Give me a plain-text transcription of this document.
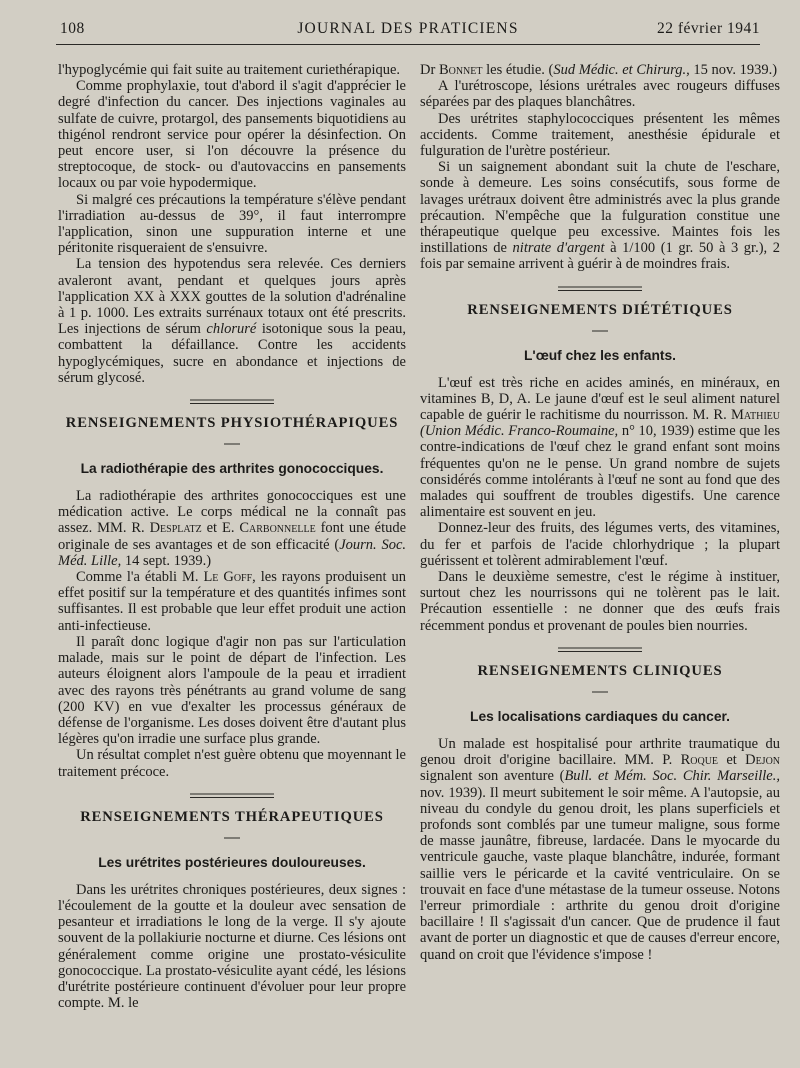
108	JOURNAL DES PRATICIENS	22 février 1941

l'hypoglycémie qui fait suite au traitement curiethérapique.

Comme prophylaxie, tout d'abord il s'agit d'apprécier le degré d'infection du cancer. Des injections vaginales au sulfate de cuivre, protargol, des pansements biquotidiens au thigénol rendront service pour opérer la désinfection. On peut encore user, si l'on découvre la présence du streptocoque, de stock- ou d'autovaccins en pansements locaux ou par voie hypodermique.

Si malgré ces précautions la température s'élève pendant l'irradiation au-dessus de 39°, il faut interrompre l'application, sinon une suppuration interne et une péritonite risqueraient de s'ensuivre.

La tension des hypotendus sera relevée. Ces derniers avaleront avant, pendant et quelques jours après l'application XX à XXX gouttes de la solution d'adrénaline à 1 p. 1000. Les extraits surrénaux totaux ont été prescrits. Les injections de sérum chloruré isotonique sous la peau, combattent la défaillance. Contre les accidents hypoglycémiques, sucre en abondance et injections de sérum glycosé.

RENSEIGNEMENTS PHYSIOTHÉRAPIQUES
La radiothérapie des arthrites gonococciques.

La radiothérapie des arthrites gonococciques est une médication active. Le corps médical ne la connaît pas assez. MM. R. Desplatz et E. Carbonnelle font une étude originale de ses avantages et de son efficacité (Journ. Soc. Méd. Lille, 14 sept. 1939.)

Comme l'a établi M. Le Goff, les rayons produisent un effet positif sur la température et des quantités infimes sont suffisantes. Il est probable que leur effet produit une action anti-infectieuse.

Il paraît donc logique d'agir non pas sur l'articulation malade, mais sur le point de départ de l'infection. Les auteurs éloignent alors l'ampoule de la peau et irradient avec des rayons très pénétrants au grand volume de sang (200 KV) en vue d'exalter les processus généraux de défense de l'organisme. Les doses doivent être d'autant plus légères qu'on irradie une surface plus grande.

Un résultat complet n'est guère obtenu que moyennant le traitement précoce.

RENSEIGNEMENTS THÉRAPEUTIQUES
Les urétrites postérieures douloureuses.

Dans les urétrites chroniques postérieures, deux signes : l'écoulement de la goutte et la douleur avec sensation de pesanteur et irradiations le long de la verge. Il s'y ajoute souvent de la pollakiurie nocturne et diurne. Ces lésions ont généralement comme origine une prostato-vésiculite gonococcique. La prostato-vésiculite ayant cédé, les lésions d'urétrite postérieure continuent d'évoluer pour leur propre compte. M. le

Dr Bonnet les étudie. (Sud Médic. et Chirurg., 15 nov. 1939.)

A l'urétroscope, lésions urétrales avec rougeurs diffuses séparées par des plaques blanchâtres.

Des urétrites staphylococciques présentent les mêmes accidents. Comme traitement, anesthésie épidurale et fulguration de l'urètre postérieur.

Si un saignement abondant suit la chute de l'eschare, sonde à demeure. Les soins consécutifs, sous forme de lavages urétraux doivent être administrés avec la plus grande précaution. N'empêche que la fulguration constitue une thérapeutique quelque peu excessive. Maintes fois les instillations de nitrate d'argent à 1/100 (1 gr. 50 à 3 gr.), 2 fois par semaine arrivent à guérir à de moindres frais.

RENSEIGNEMENTS DIÉTÉTIQUES
L'œuf chez les enfants.

L'œuf est très riche en acides aminés, en minéraux, en vitamines B, D, A. Le jaune d'œuf est le seul aliment naturel capable de guérir le rachitisme du nourrisson. M. R. Mathieu (Union Médic. Franco-Roumaine, n° 10, 1939) estime que les contre-indications de l'œuf chez le grand enfant sont moins fréquentes qu'on ne le pense. Un grand nombre de sujets considérés comme intolérants à l'œuf ne sont au fond que des malades qui souffrent de troubles digestifs. Une carence alimentaire est souvent en jeu.

Donnez-leur des fruits, des légumes verts, des vitamines, du fer et parfois de l'acide chlorhydrique ; la plupart guérissent et tolèrent admirablement l'œuf.

Dans le deuxième semestre, c'est le régime à instituer, surtout chez les nourrissons qui ne tolèrent pas le lait. Précaution essentielle : ne donner que des œufs frais récemment pondus et provenant de poules bien nourries.

RENSEIGNEMENTS CLINIQUES
Les localisations cardiaques du cancer.

Un malade est hospitalisé pour arthrite traumatique du genou droit d'origine bacillaire. MM. P. Roque et Dejon signalent son aventure (Bull. et Mém. Soc. Chir. Marseille., nov. 1939). Il meurt subitement le soir même. A l'autopsie, au niveau du condyle du genou droit, les plans superficiels et profonds sont comblés par une tumeur maligne, sous forme de masse jaunâtre, fibreuse, lardacée. Dans le myocarde du ventricule gauche, vaste plaque blanchâtre, indurée, formant saillie vers le péricarde et la cavité ventriculaire. On se trouvait en face d'une métastase de la tumeur osseuse. Notons l'erreur primordiale : arthrite du genou droit d'origine bacillaire ! Il s'agissait d'un cancer. Que de prudence il faut avant de porter un diagnostic et que de causes d'erreur encore, quand on croit que l'évidence s'impose !
